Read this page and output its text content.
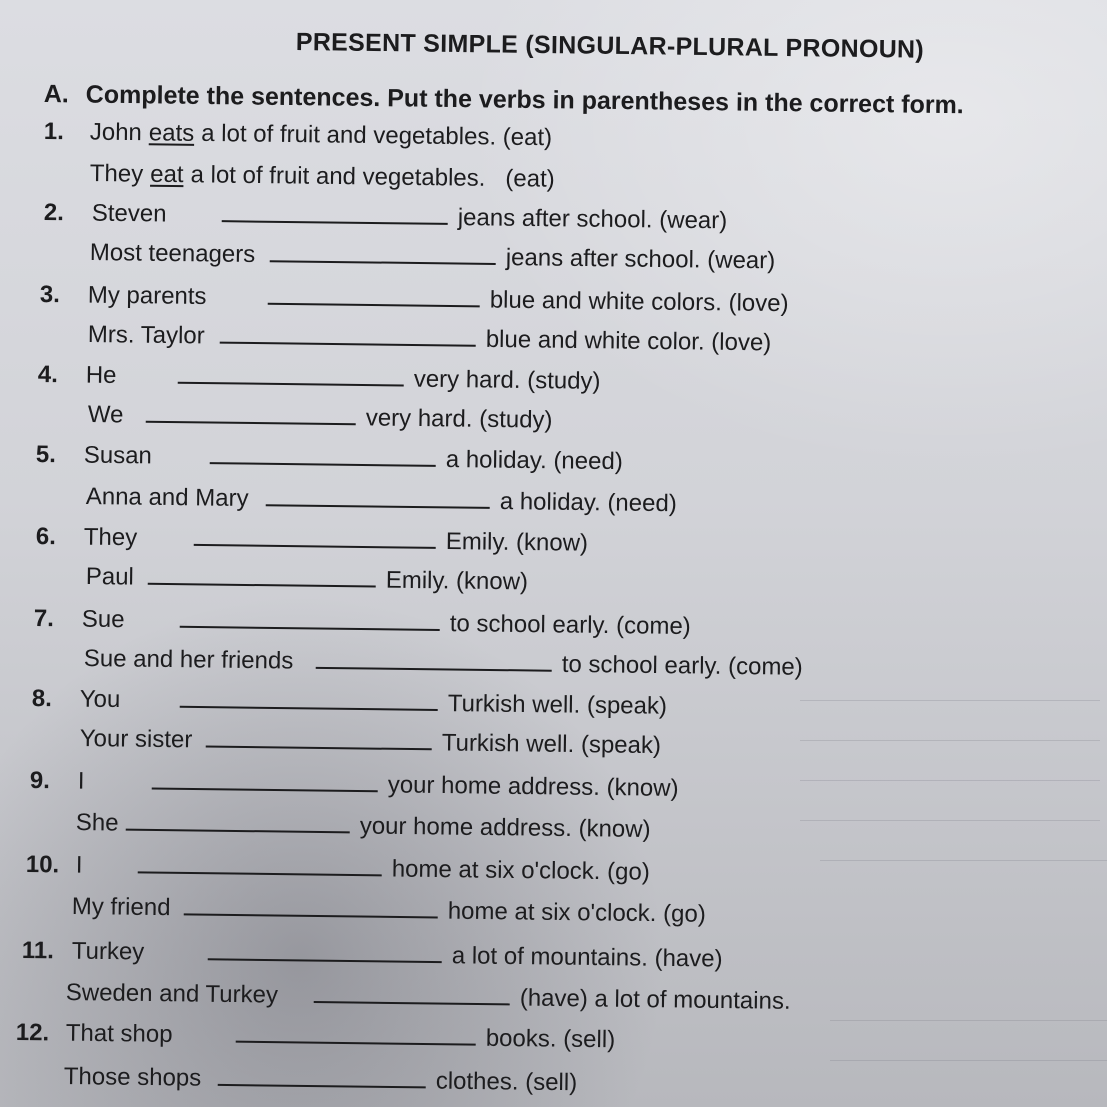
PRESENT SIMPLE (SINGULAR-PLURAL PRONOUN)
A. Complete the sentences. Put the verbs in parentheses in the correct form.
1.	John eats a lot of fruit and vegetables. (eat)
They eat a lot of fruit and vegetables.   (eat)
2.	Steven	jeans after school. (wear)
Most teenagers	jeans after school. (wear)
3.	My parents	blue and white colors. (love)
Mrs. Taylor	blue and white color. (love)
4.	He	very hard. (study)
We	very hard. (study)
5.	Susan	a holiday. (need)
Anna and Mary	a holiday. (need)
6.	They	Emily. (know)
Paul	Emily. (know)
7.	Sue	to school early. (come)
Sue and her friends	to school early. (come)
8.	You	Turkish well. (speak)
Your sister	Turkish well. (speak)
9.	I	your home address. (know)
She	your home address. (know)
10. I	home at six o'clock. (go)
My friend	home at six o'clock. (go)
11. Turkey	a lot of mountains. (have)
Sweden and Turkey	(have) a lot of mountains.
12. That shop	books. (sell)
Those shops	clothes. (sell)
